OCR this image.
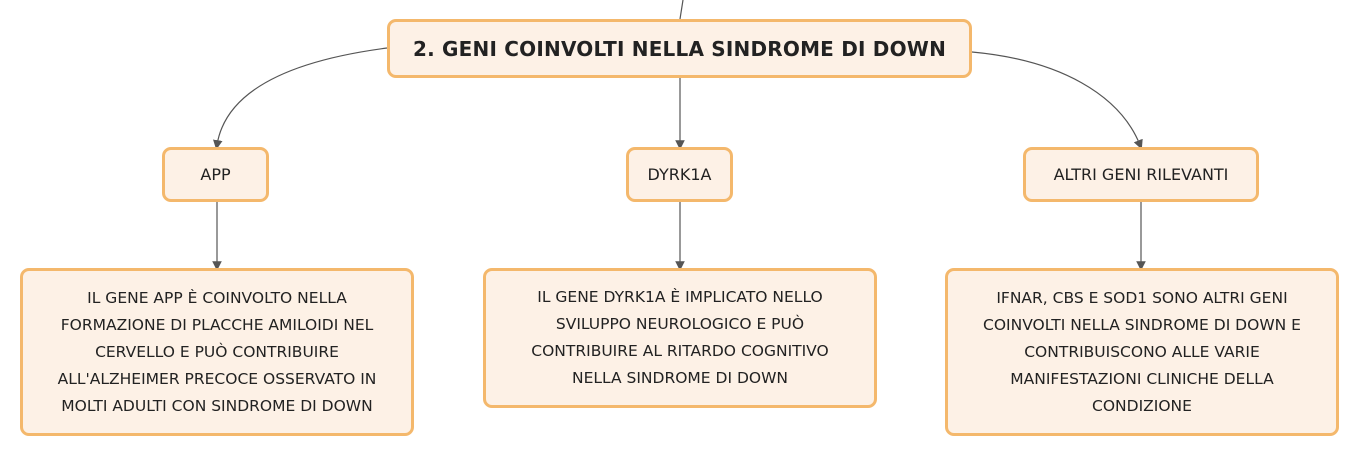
2. GENI COINVOLTI NELLA SINDROME DI DOWN
APP	DYRK1A	ALTRI GENI RILEVANTI
IL GENE APP È COINVOLTO NELLA
FORMAZIONE DI PLACCHE AMILOIDI NEL
CERVELLO E PUÒ CONTRIBUIRE
ALL'ALZHEIMER PRECOCE OSSERVATO IN
MOLTI ADULTI CON SINDROME DI DOWN
IL GENE DYRK1A È IMPLICATO NELLO
SVILUPPO NEUROLOGICO E PUÒ
CONTRIBUIRE AL RITARDO COGNITIVO
NELLA SINDROME DI DOWN
IFNAR, CBS E SOD1 SONO ALTRI GENI
COINVOLTI NELLA SINDROME DI DOWN E
CONTRIBUISCONO ALLE VARIE
MANIFESTAZIONI CLINICHE DELLA
CONDIZIONE
